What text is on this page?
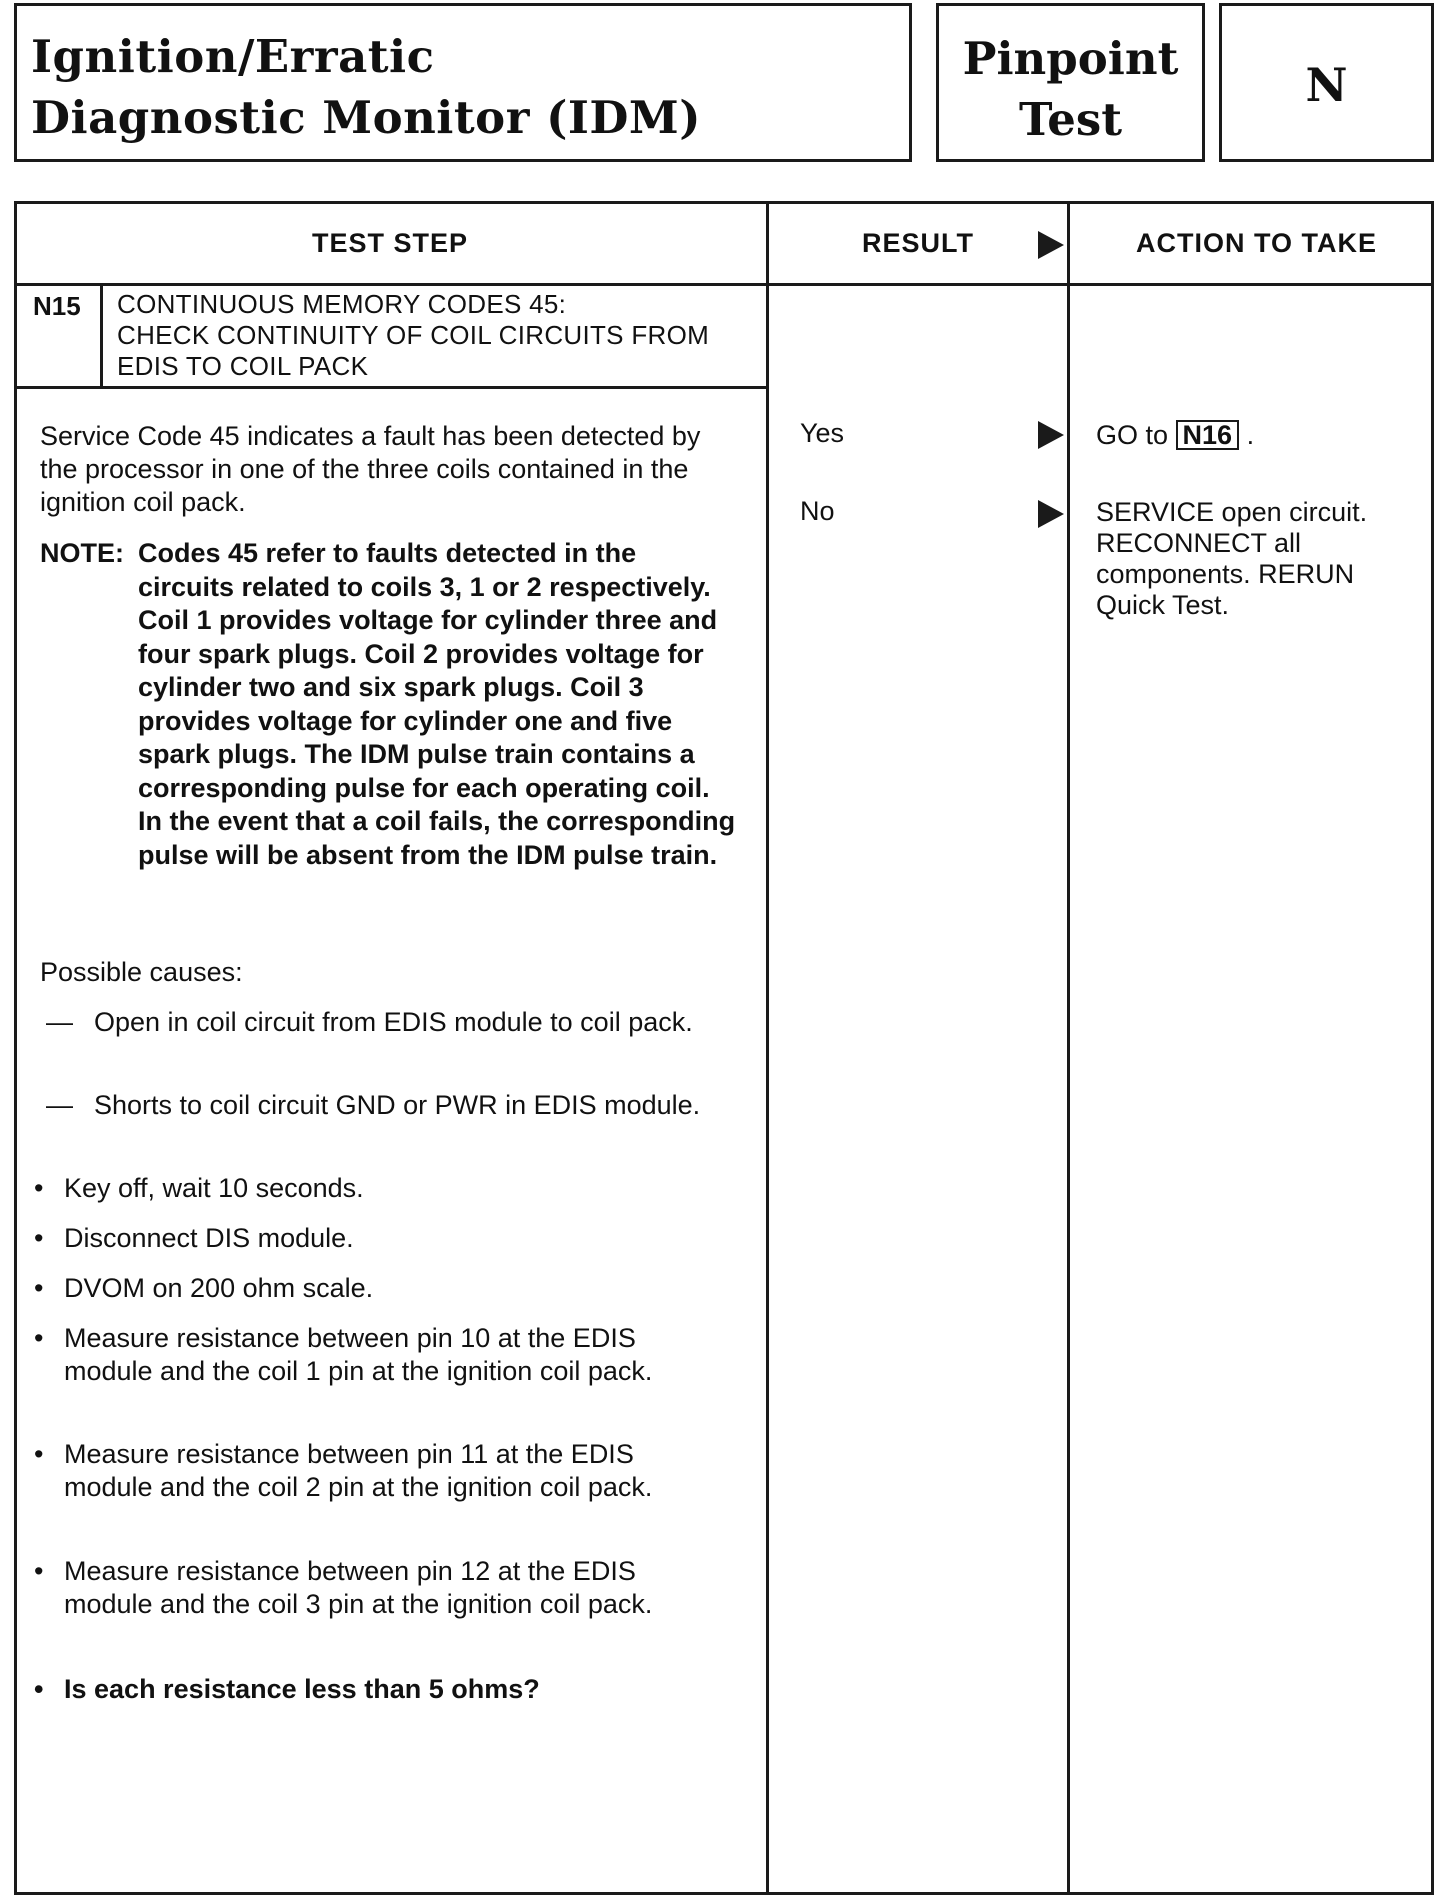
Ignition/Erratic
Diagnostic Monitor (IDM)
Pinpoint
Test
N
TEST STEP	RESULT	ACTION TO TAKE
N15 CONTINUOUS MEMORY CODES 45:
CHECK CONTINUITY OF COIL CIRCUITS FROM
EDIS TO COIL PACK
Service Code 45 indicates a fault has been detected by the processor in one of the three coils contained in the ignition coil pack.
NOTE: Codes 45 refer to faults detected in the circuits related to coils 3, 1 or 2 respectively. Coil 1 provides voltage for cylinder three and four spark plugs. Coil 2 provides voltage for cylinder two and six spark plugs. Coil 3 provides voltage for cylinder one and five spark plugs. The IDM pulse train contains a corresponding pulse for each operating coil. In the event that a coil fails, the corresponding pulse will be absent from the IDM pulse train.
Possible causes:
— Open in coil circuit from EDIS module to coil pack.
— Shorts to coil circuit GND or PWR in EDIS module.
• Key off, wait 10 seconds.
• Disconnect DIS module.
• DVOM on 200 ohm scale.
• Measure resistance between pin 10 at the EDIS module and the coil 1 pin at the ignition coil pack.
• Measure resistance between pin 11 at the EDIS module and the coil 2 pin at the ignition coil pack.
• Measure resistance between pin 12 at the EDIS module and the coil 3 pin at the ignition coil pack.
• Is each resistance less than 5 ohms?
Yes
No
GO to N16 .
SERVICE open circuit. RECONNECT all components. RERUN Quick Test.
